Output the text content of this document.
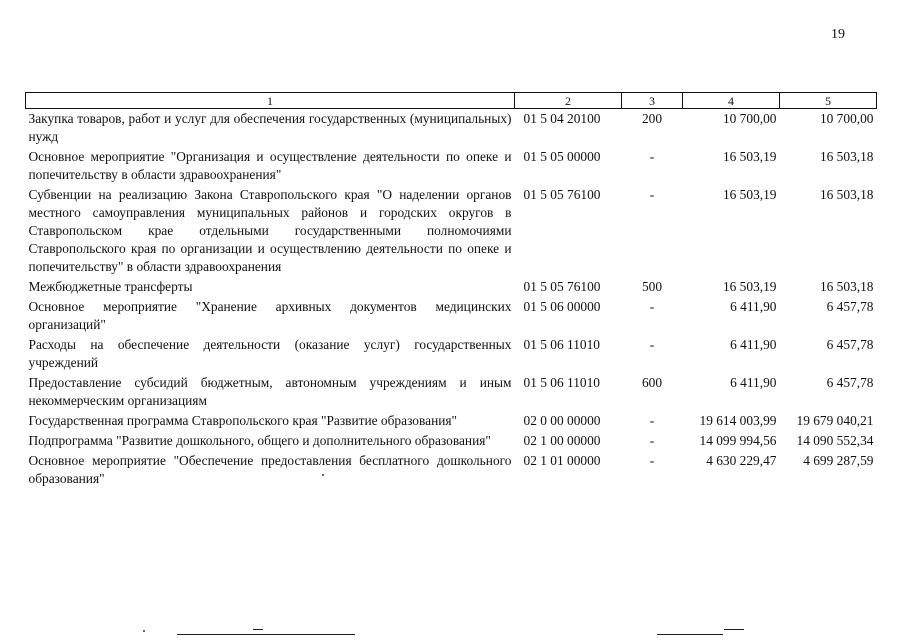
19
1	2	3	4	5
Закупка товаров, работ и услуг для обеспечения государственных (муниципальных) нужд	01 5 04 20100	200	10 700,00	10 700,00
Основное мероприятие "Организация и осуществление деятельности по опеке и попечительству в области здравоохранения"	01 5 05 00000	-	16 503,19	16 503,18
Субвенции на реализацию Закона Ставропольского края "О наделении органов местного самоуправления муниципальных районов и городских округов в Ставропольском крае отдельными государственными полномочиями Ставропольского края по организации и осуществлению деятельности по опеке и попечительству" в области здравоохранения	01 5 05 76100	-	16 503,19	16 503,18
Межбюджетные трансферты	01 5 05 76100	500	16 503,19	16 503,18
Основное мероприятие "Хранение архивных документов медицинских организаций"	01 5 06 00000	-	6 411,90	6 457,78
Расходы на обеспечение деятельности (оказание услуг) государственных учреждений	01 5 06 11010	-	6 411,90	6 457,78
Предоставление субсидий бюджетным, автономным учреждениям и иным некоммерческим организациям	01 5 06 11010	600	6 411,90	6 457,78
Государственная программа Ставропольского края "Развитие образования"	02 0 00 00000	-	19 614 003,99	19 679 040,21
Подпрограмма "Развитие дошкольного, общего и дополнительного образования"	02 1 00 00000	-	14 099 994,56	14 090 552,34
Основное мероприятие "Обеспечение предоставления бесплатного дошкольного образования"	02 1 01 00000	-	4 630 229,47	4 699 287,59
